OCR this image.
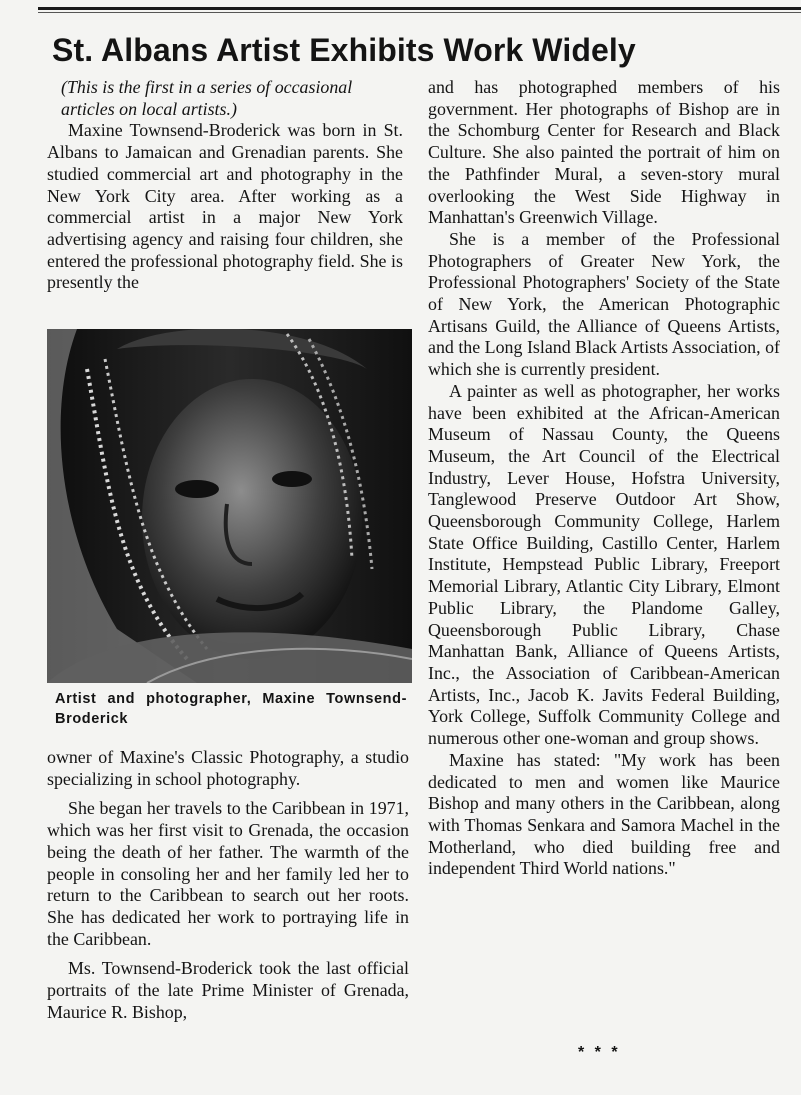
St. Albans Artist Exhibits Work Widely

(This is the first in a series of occasional articles on local artists.)

Maxine Townsend-Broderick was born in St. Albans to Jamaican and Grenadian parents. She studied commercial art and photography in the New York City area. After working as a commercial artist in a major New York advertising agency and raising four children, she entered the professional photography field. She is presently the

Artist and photographer, Maxine Townsend-Broderick

owner of Maxine's Classic Photography, a studio specializing in school photography.

She began her travels to the Caribbean in 1971, which was her first visit to Grenada, the occasion being the death of her father. The warmth of the people in consoling her and her family led her to return to the Caribbean to search out her roots. She has dedicated her work to portraying life in the Caribbean.

Ms. Townsend-Broderick took the last official portraits of the late Prime Minister of Grenada, Maurice R. Bishop,

and has photographed members of his government. Her photographs of Bishop are in the Schomburg Center for Research and Black Culture. She also painted the portrait of him on the Pathfinder Mural, a seven-story mural overlooking the West Side Highway in Manhattan's Greenwich Village.

She is a member of the Professional Photographers of Greater New York, the Professional Photographers' Society of the State of New York, the American Photographic Artisans Guild, the Alliance of Queens Artists, and the Long Island Black Artists Association, of which she is currently president.

A painter as well as photographer, her works have been exhibited at the African-American Museum of Nassau County, the Queens Museum, the Art Council of the Electrical Industry, Lever House, Hofstra University, Tanglewood Preserve Outdoor Art Show, Queensborough Community College, Harlem State Office Building, Castillo Center, Harlem Institute, Hempstead Public Library, Freeport Memorial Library, Atlantic City Library, Elmont Public Library, the Plandome Galley, Queensborough Public Library, Chase Manhattan Bank, Alliance of Queens Artists, Inc., the Association of Caribbean-American Artists, Inc., Jacob K. Javits Federal Building, York College, Suffolk Community College and numerous other one-woman and group shows.

Maxine has stated: "My work has been dedicated to men and women like Maurice Bishop and many others in the Caribbean, along with Thomas Senkara and Samora Machel in the Motherland, who died building free and independent Third World nations."

* * *
